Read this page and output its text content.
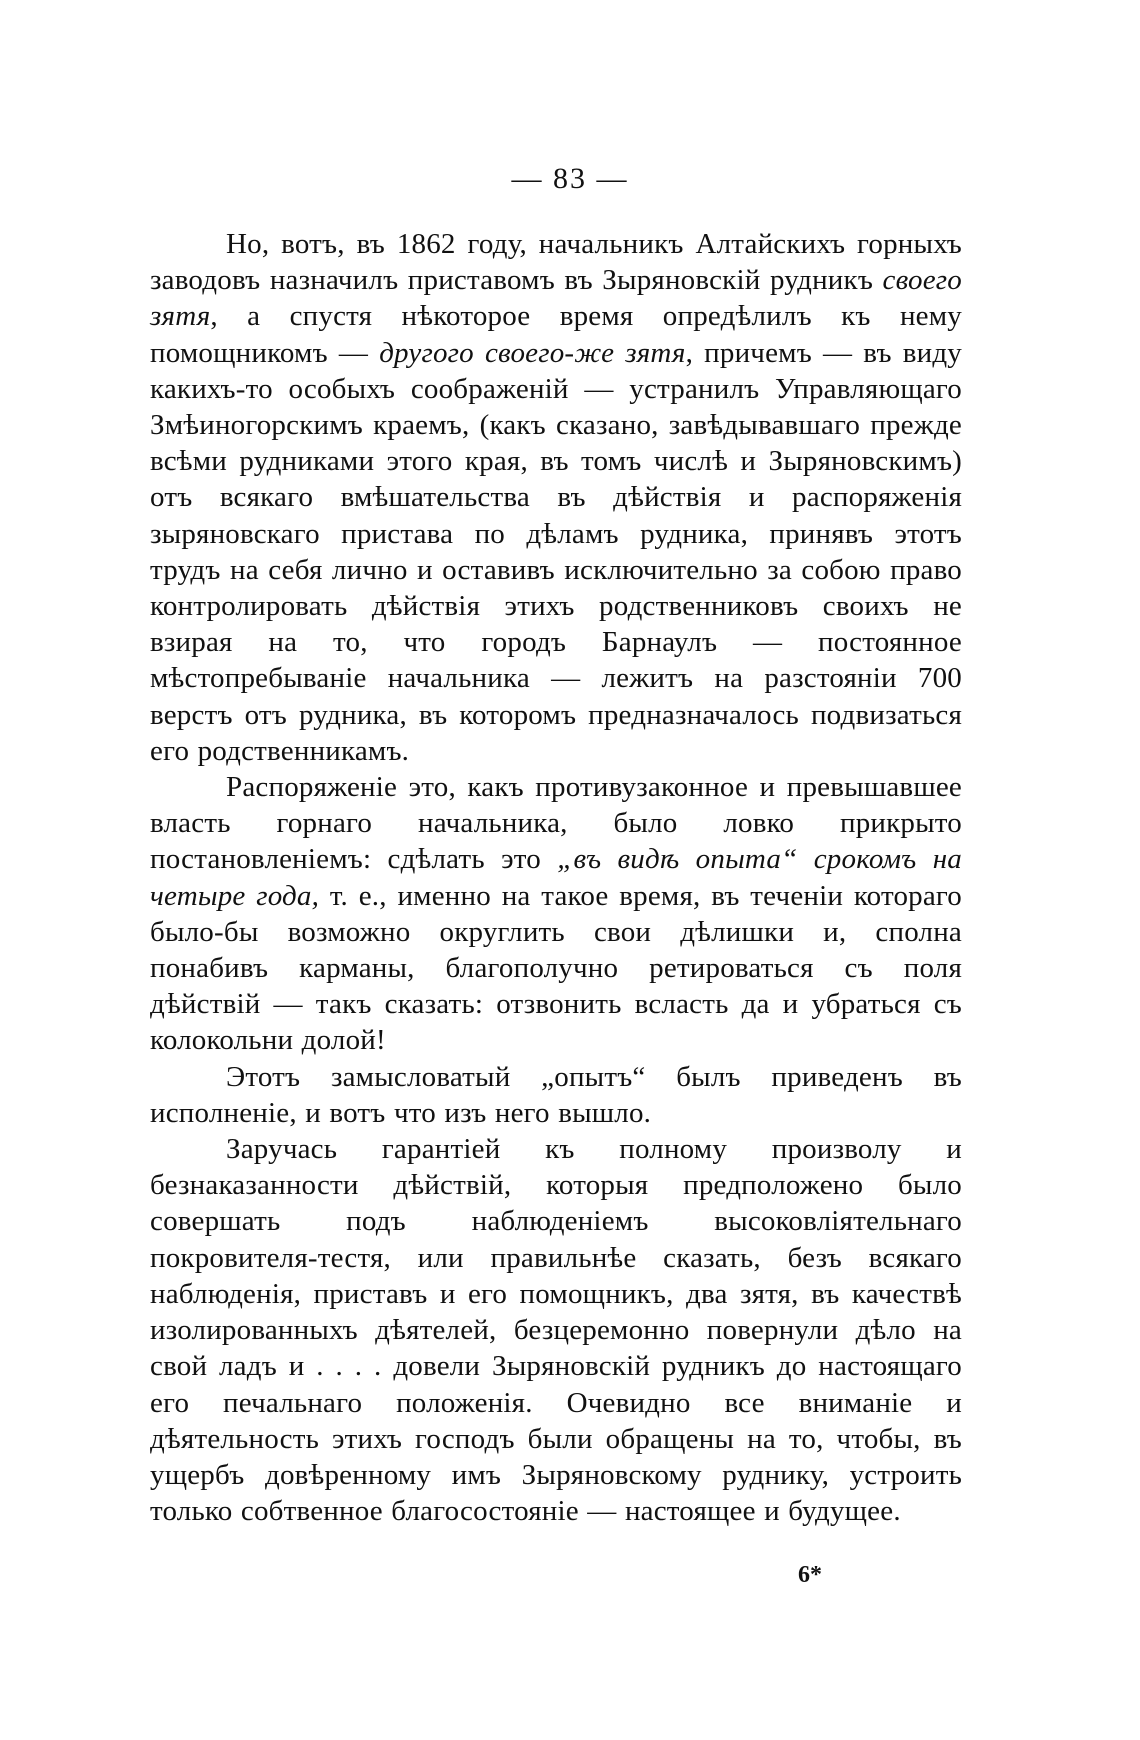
— 83 —

Но, вотъ, въ 1862 году, начальникъ Алтайскихъ горныхъ заводовъ назначилъ приставомъ въ Зыряновскій рудникъ своего зятя, а спустя нѣкоторое время опредѣлилъ къ нему помощникомъ — другого своего-же зятя, причемъ — въ виду какихъ-то особыхъ соображеній — устранилъ Управляющаго Змѣиногорскимъ краемъ, (какъ сказано, завѣдывавшаго прежде всѣми рудниками этого края, въ томъ числѣ и Зыряновскимъ) отъ всякаго вмѣшательства въ дѣйствія и распоряженія зыряновскаго пристава по дѣламъ рудника, принявъ этотъ трудъ на себя лично и оставивъ исключительно за собою право контролировать дѣйствія этихъ родственниковъ своихъ не взирая на то, что городъ Барнаулъ — постоянное мѣстопребываніе начальника — лежитъ на разстояніи 700 верстъ отъ рудника, въ которомъ предназначалось подвизаться его родственникамъ.

Распоряженіе это, какъ противузаконное и превышавшее власть горнаго начальника, было ловко прикрыто постановленіемъ: сдѣлать это „въ видѣ опыта“ срокомъ на четыре года, т. е., именно на такое время, въ теченіи котораго было-бы возможно округлить свои дѣлишки и, сполна понабивъ карманы, благополучно ретироваться съ поля дѣйствій — такъ сказать: отзвонить всласть да и убраться съ колокольни долой!

Этотъ замысловатый „опытъ“ былъ приведенъ въ исполненіе, и вотъ что изъ него вышло.

Заручась гарантіей къ полному произволу и безнаказанности дѣйствій, которыя предположено было совершать подъ наблюденіемъ высоковліятельнаго покровителя-тестя, или правильнѣе сказать, безъ всякаго наблюденія, приставъ и его помощникъ, два зятя, въ качествѣ изолированныхъ дѣятелей, безцеремонно повернули дѣло на свой ладъ и . . . . довели Зыряновскій рудникъ до настоящаго его печальнаго положенія. Очевидно все вниманіе и дѣятельность этихъ господъ были обращены на то, чтобы, въ ущербъ довѣренному имъ Зыряновскому руднику, устроить только собтвенное благосостояніе — настоящее и будущее.

6*
